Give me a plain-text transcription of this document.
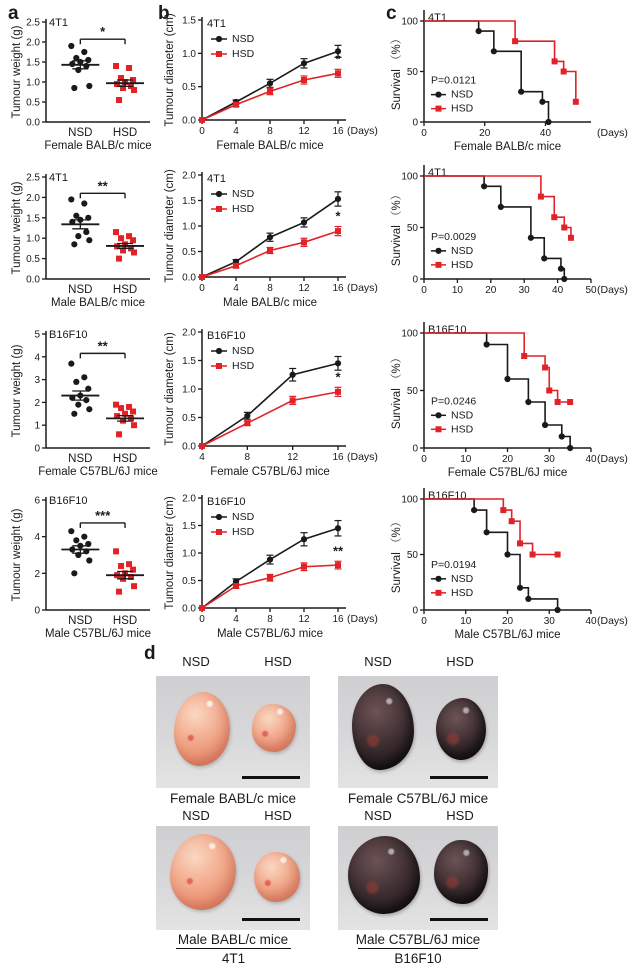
a	b	c
d
0.0
0.5
1.0
1.5
2.0
2.5 4T1
Tumour weight (g)
NSD HSD
*
Female BALB/c mice
0.0
0.5
1.0
1.5
2.0
2.5 4T1
Tumour weight (g)
NSD HSD
**
Male BALB/c mice
0
1
2
3
4
5 B16F10
Tumour weight (g)
NSD HSD
**
Female C57BL/6J mice
0
2
4
6 B16F10
Tumour weight (g)
NSD HSD
***
Male C57BL/6J mice
0.0
0.5
1.0
1.5
0	4	8	12 16 (Days)
4T1
Tumour diameter (cm)	NSD
HSD	*
Female BALB/c mice
0.0
0.5
1.0
1.5
2.0
0	4	8	12 16 (Days)
4T1
Tumour diameter (cm)	NSD
HSD	*
Male BALB/c mice
0.0
0.5
1.0
1.5
2.0
4	8	12	16 (Days)
B16F10
Tumour diameter (cm)	NSD
HSD
*
Female C57BL/6J mice
0.0
0.5
1.0
1.5
2.0
0	4	8	12 16 (Days)
B16F10
Tumour diameter (cm)	NSD
HSD
**
Male C57BL/6J mice
0
50
100
0	20	40	(Days)
4T1
Survival （%）	P=0.0121
NSD
HSD
Female BALB/c mice
0
50
100
0	10 20 30 40 50 (Days)
4T1
Survival （%）	P=0.0029
NSD
HSD
0
50
100
0	10	20	30	40 (Days)
B16F10
Survival （%）	P=0.0246
NSD
HSD
Female C57BL/6J mice
0
50
100
0	10	20	30	40 (Days)
B16F10
Survival （%）	P=0.0194
NSD
HSD
Male C57BL/6J mice
NSD	HSD	NSD	HSD
Female BABL/c mice	Female C57BL/6J mice
NSD	HSD	NSD	HSD
Male BABL/c mice	Male C57BL/6J mice
4T1	B16F10
